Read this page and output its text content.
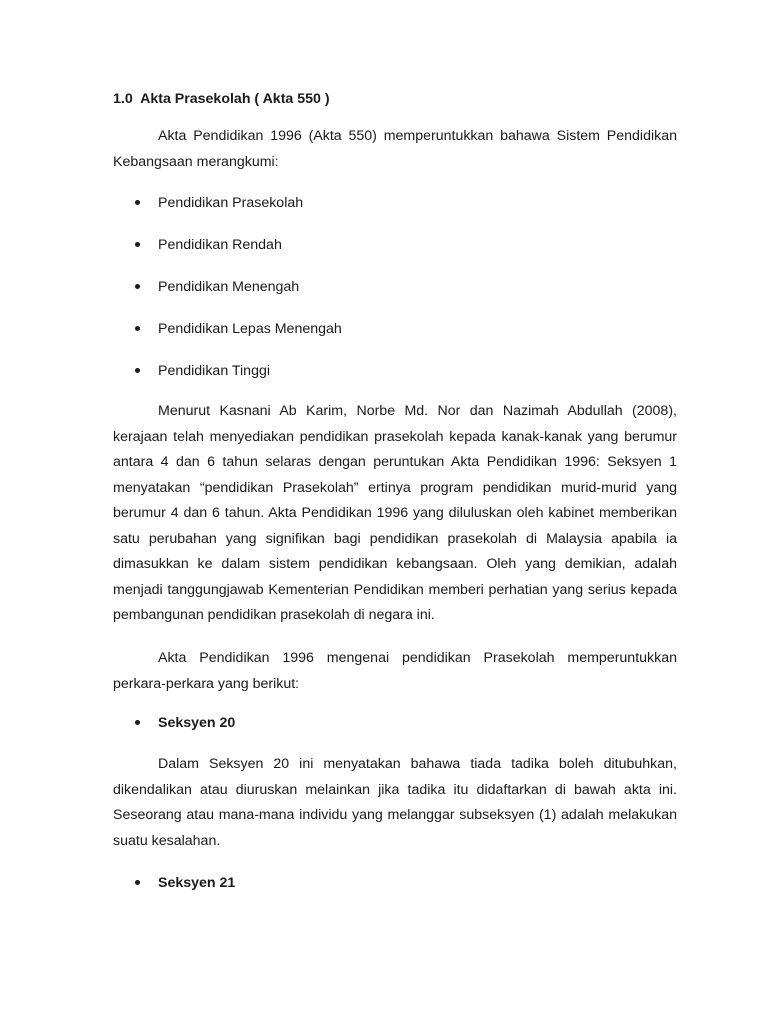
1.0  Akta Prasekolah ( Akta 550 )

Akta Pendidikan 1996 (Akta 550) memperuntukkan bahawa Sistem Pendidikan Kebangsaan merangkumi:

Pendidikan Prasekolah
Pendidikan Rendah
Pendidikan Menengah
Pendidikan Lepas Menengah
Pendidikan Tinggi

Menurut Kasnani Ab Karim, Norbe Md. Nor dan Nazimah Abdullah (2008), kerajaan telah menyediakan pendidikan prasekolah kepada kanak-kanak yang berumur antara 4 dan 6 tahun selaras dengan peruntukan Akta Pendidikan 1996: Seksyen 1 menyatakan “pendidikan Prasekolah” ertinya program pendidikan murid-murid yang berumur 4 dan 6 tahun. Akta Pendidikan 1996 yang diluluskan oleh kabinet memberikan satu perubahan yang signifikan bagi pendidikan prasekolah di Malaysia apabila ia dimasukkan ke dalam sistem pendidikan kebangsaan. Oleh yang demikian, adalah menjadi tanggungjawab Kementerian Pendidikan memberi perhatian yang serius kepada pembangunan pendidikan prasekolah di negara ini.

Akta Pendidikan 1996 mengenai pendidikan Prasekolah memperuntukkan perkara-perkara yang berikut:

Seksyen 20

Dalam Seksyen 20 ini menyatakan bahawa tiada tadika boleh ditubuhkan, dikendalikan atau diuruskan melainkan jika tadika itu didaftarkan di bawah akta ini. Seseorang atau mana-mana individu yang melanggar subseksyen (1) adalah melakukan suatu kesalahan.

Seksyen 21
